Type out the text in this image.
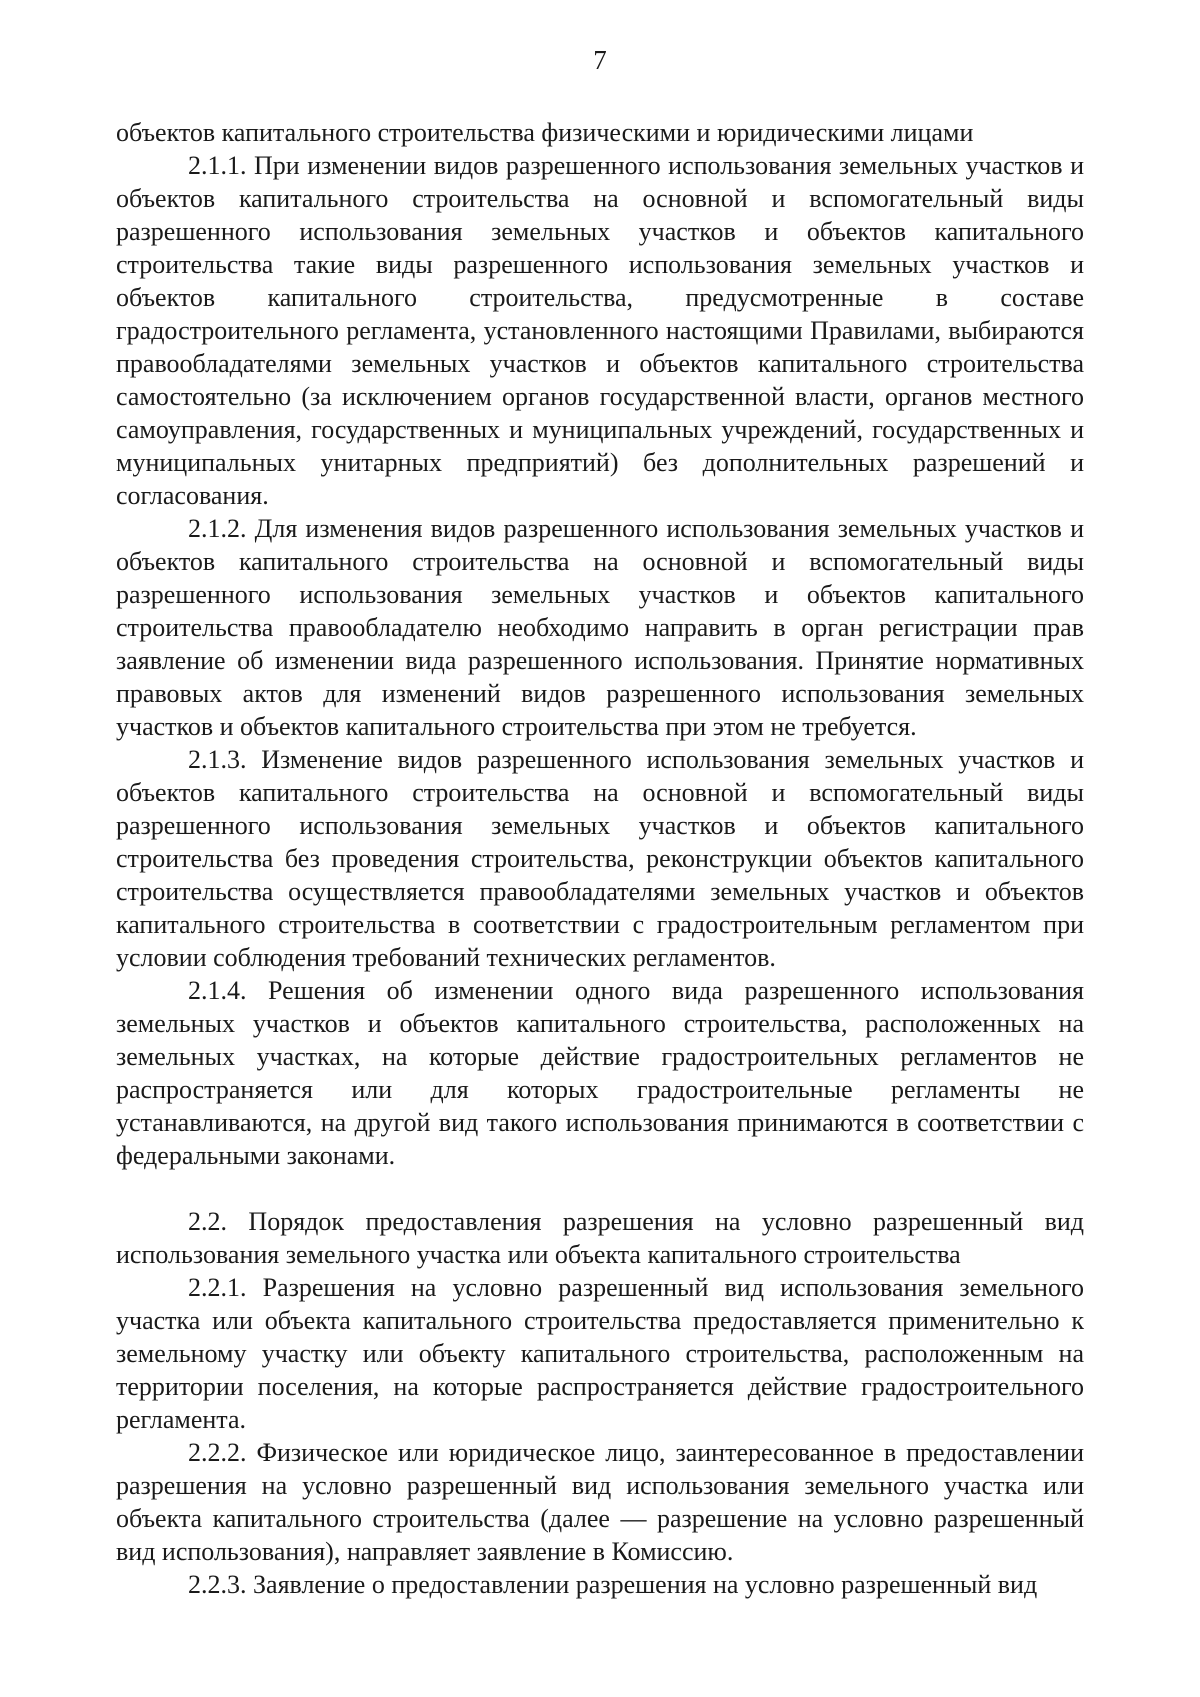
7

объектов капитального строительства физическими и юридическими лицами

2.1.1. При изменении видов разрешенного использования земельных участков и объектов капитального строительства на основной и вспомогательный виды разрешенного использования земельных участков и объектов капитального строительства такие виды разрешенного использования земельных участков и объектов капитального строительства, предусмотренные в составе градостроительного регламента, установленного настоящими Правилами, выбираются правообладателями земельных участков и объектов капитального строительства самостоятельно (за исключением органов государственной власти, органов местного самоуправления, государственных и муниципальных учреждений, государственных и муниципальных унитарных предприятий) без дополнительных разрешений и согласования.

2.1.2. Для изменения видов разрешенного использования земельных участков и объектов капитального строительства на основной и вспомогательный виды разрешенного использования земельных участков и объектов капитального строительства правообладателю необходимо направить в орган регистрации прав заявление об изменении вида разрешенного использования. Принятие нормативных правовых актов для изменений видов разрешенного использования земельных участков и объектов капитального строительства при этом не требуется.

2.1.3. Изменение видов разрешенного использования земельных участков и объектов капитального строительства на основной и вспомогательный виды разрешенного использования земельных участков и объектов капитального строительства без проведения строительства, реконструкции объектов капитального строительства осуществляется правообладателями земельных участков и объектов капитального строительства в соответствии с градостроительным регламентом при условии соблюдения требований технических регламентов.

2.1.4. Решения об изменении одного вида разрешенного использования земельных участков и объектов капитального строительства, расположенных на земельных участках, на которые действие градостроительных регламентов не распространяется или для которых градостроительные регламенты не устанавливаются, на другой вид такого использования принимаются в соответствии с федеральными законами.

2.2. Порядок предоставления разрешения на условно разрешенный вид использования земельного участка или объекта капитального строительства

2.2.1. Разрешения на условно разрешенный вид использования земельного участка или объекта капитального строительства предоставляется применительно к земельному участку или объекту капитального строительства, расположенным на территории поселения, на которые распространяется действие градостроительного регламента.

2.2.2. Физическое или юридическое лицо, заинтересованное в предоставлении разрешения на условно разрешенный вид использования земельного участка или объекта капитального строительства (далее — разрешение на условно разрешенный вид использования), направляет заявление в Комиссию.

2.2.3. Заявление о предоставлении разрешения на условно разрешенный вид
